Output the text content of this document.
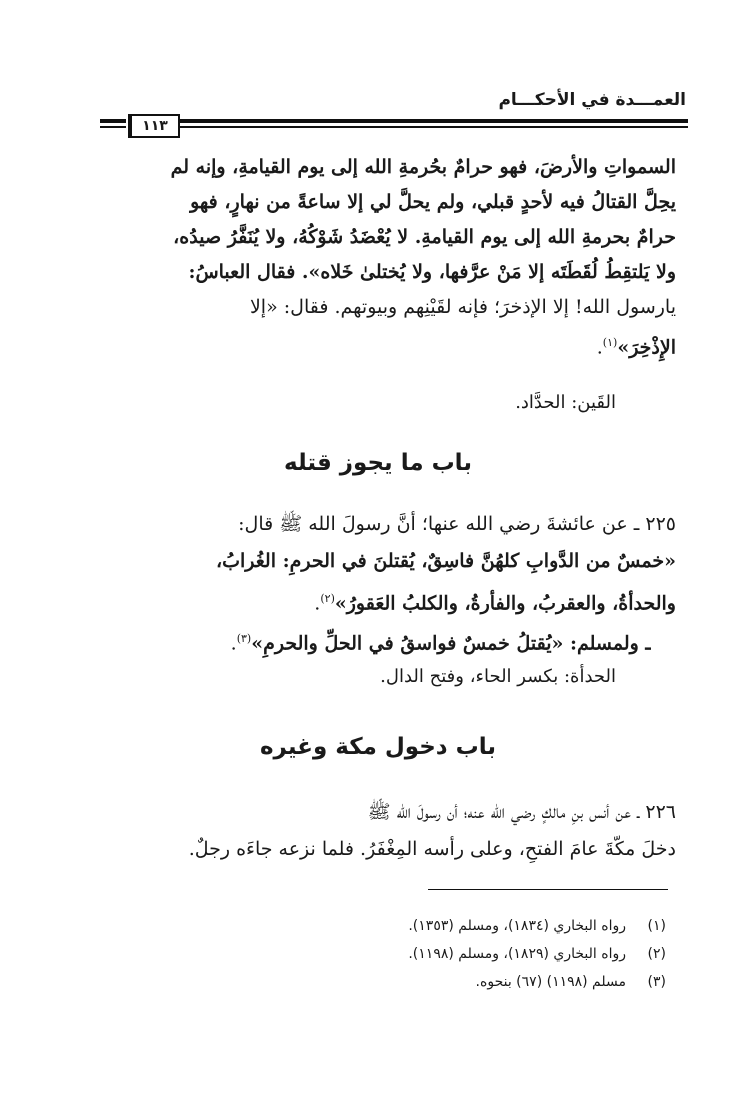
العمـــدة في الأحكـــام
١١٣
السمواتِ والأرضَ، فهو حرامٌ بحُرمةِ الله إلى يوم القيامةِ، وإنه لم
يحِلَّ القتالُ فيه لأحدٍ قبلي، ولم يحلَّ لي إلا ساعةً من نهارٍ، فهو
حرامٌ بحرمةِ الله إلى يوم القيامةِ. لا يُعْضَدُ شَوْكُهُ، ولا يُنَفَّرُ صيدُه،
ولا يَلتقِطُ لُقَطَتَه إلا مَنْ عرَّفها، ولا يُختلىٰ خَلاه». فقال العباسُ:
يارسول الله! إلا الإذخرَ؛ فإنه لقَيْنِهم وبيوتهم. فقال: «إلا
الإِذْخِرَ»$^{(١)}$.
القَين: الحدَّاد.
باب ما يجوز قتله
٢٢٥ ـ عن عائشةَ رضي الله عنها؛ أنَّ رسولَ الله ﷺ قال:
«خمسٌ من الدَّوابِ كلهُنَّ فاسِقٌ، يُقتلنَ في الحرمِ: الغُرابُ،
والحدأةُ، والعقربُ، والفأرةُ، والكلبُ العَقورُ»$^{(٢)}$.
ـ ولمسلم: «يُقتلُ خمسٌ فواسقُ في الحلِّ والحرمِ»$^{(٣)}$.
الحدأة: بكسر الحاء، وفتح الدال.
باب دخول مكة وغيره
٢٢٦ ـ عن أنس بنِ مالكٍ رضي الله عنه؛ أن رسولَ الله ﷺ
دخلَ مكّةَ عامَ الفتحِ، وعلى رأسه المِغْفَرُ. فلما نزعه جاءَه رجلٌ.
(١)رواه البخاري (١٨٣٤)، ومسلم (١٣٥٣).
(٢)رواه البخاري (١٨٢٩)، ومسلم (١١٩٨).
(٣)مسلم (١١٩٨) (٦٧) بنحوه.
